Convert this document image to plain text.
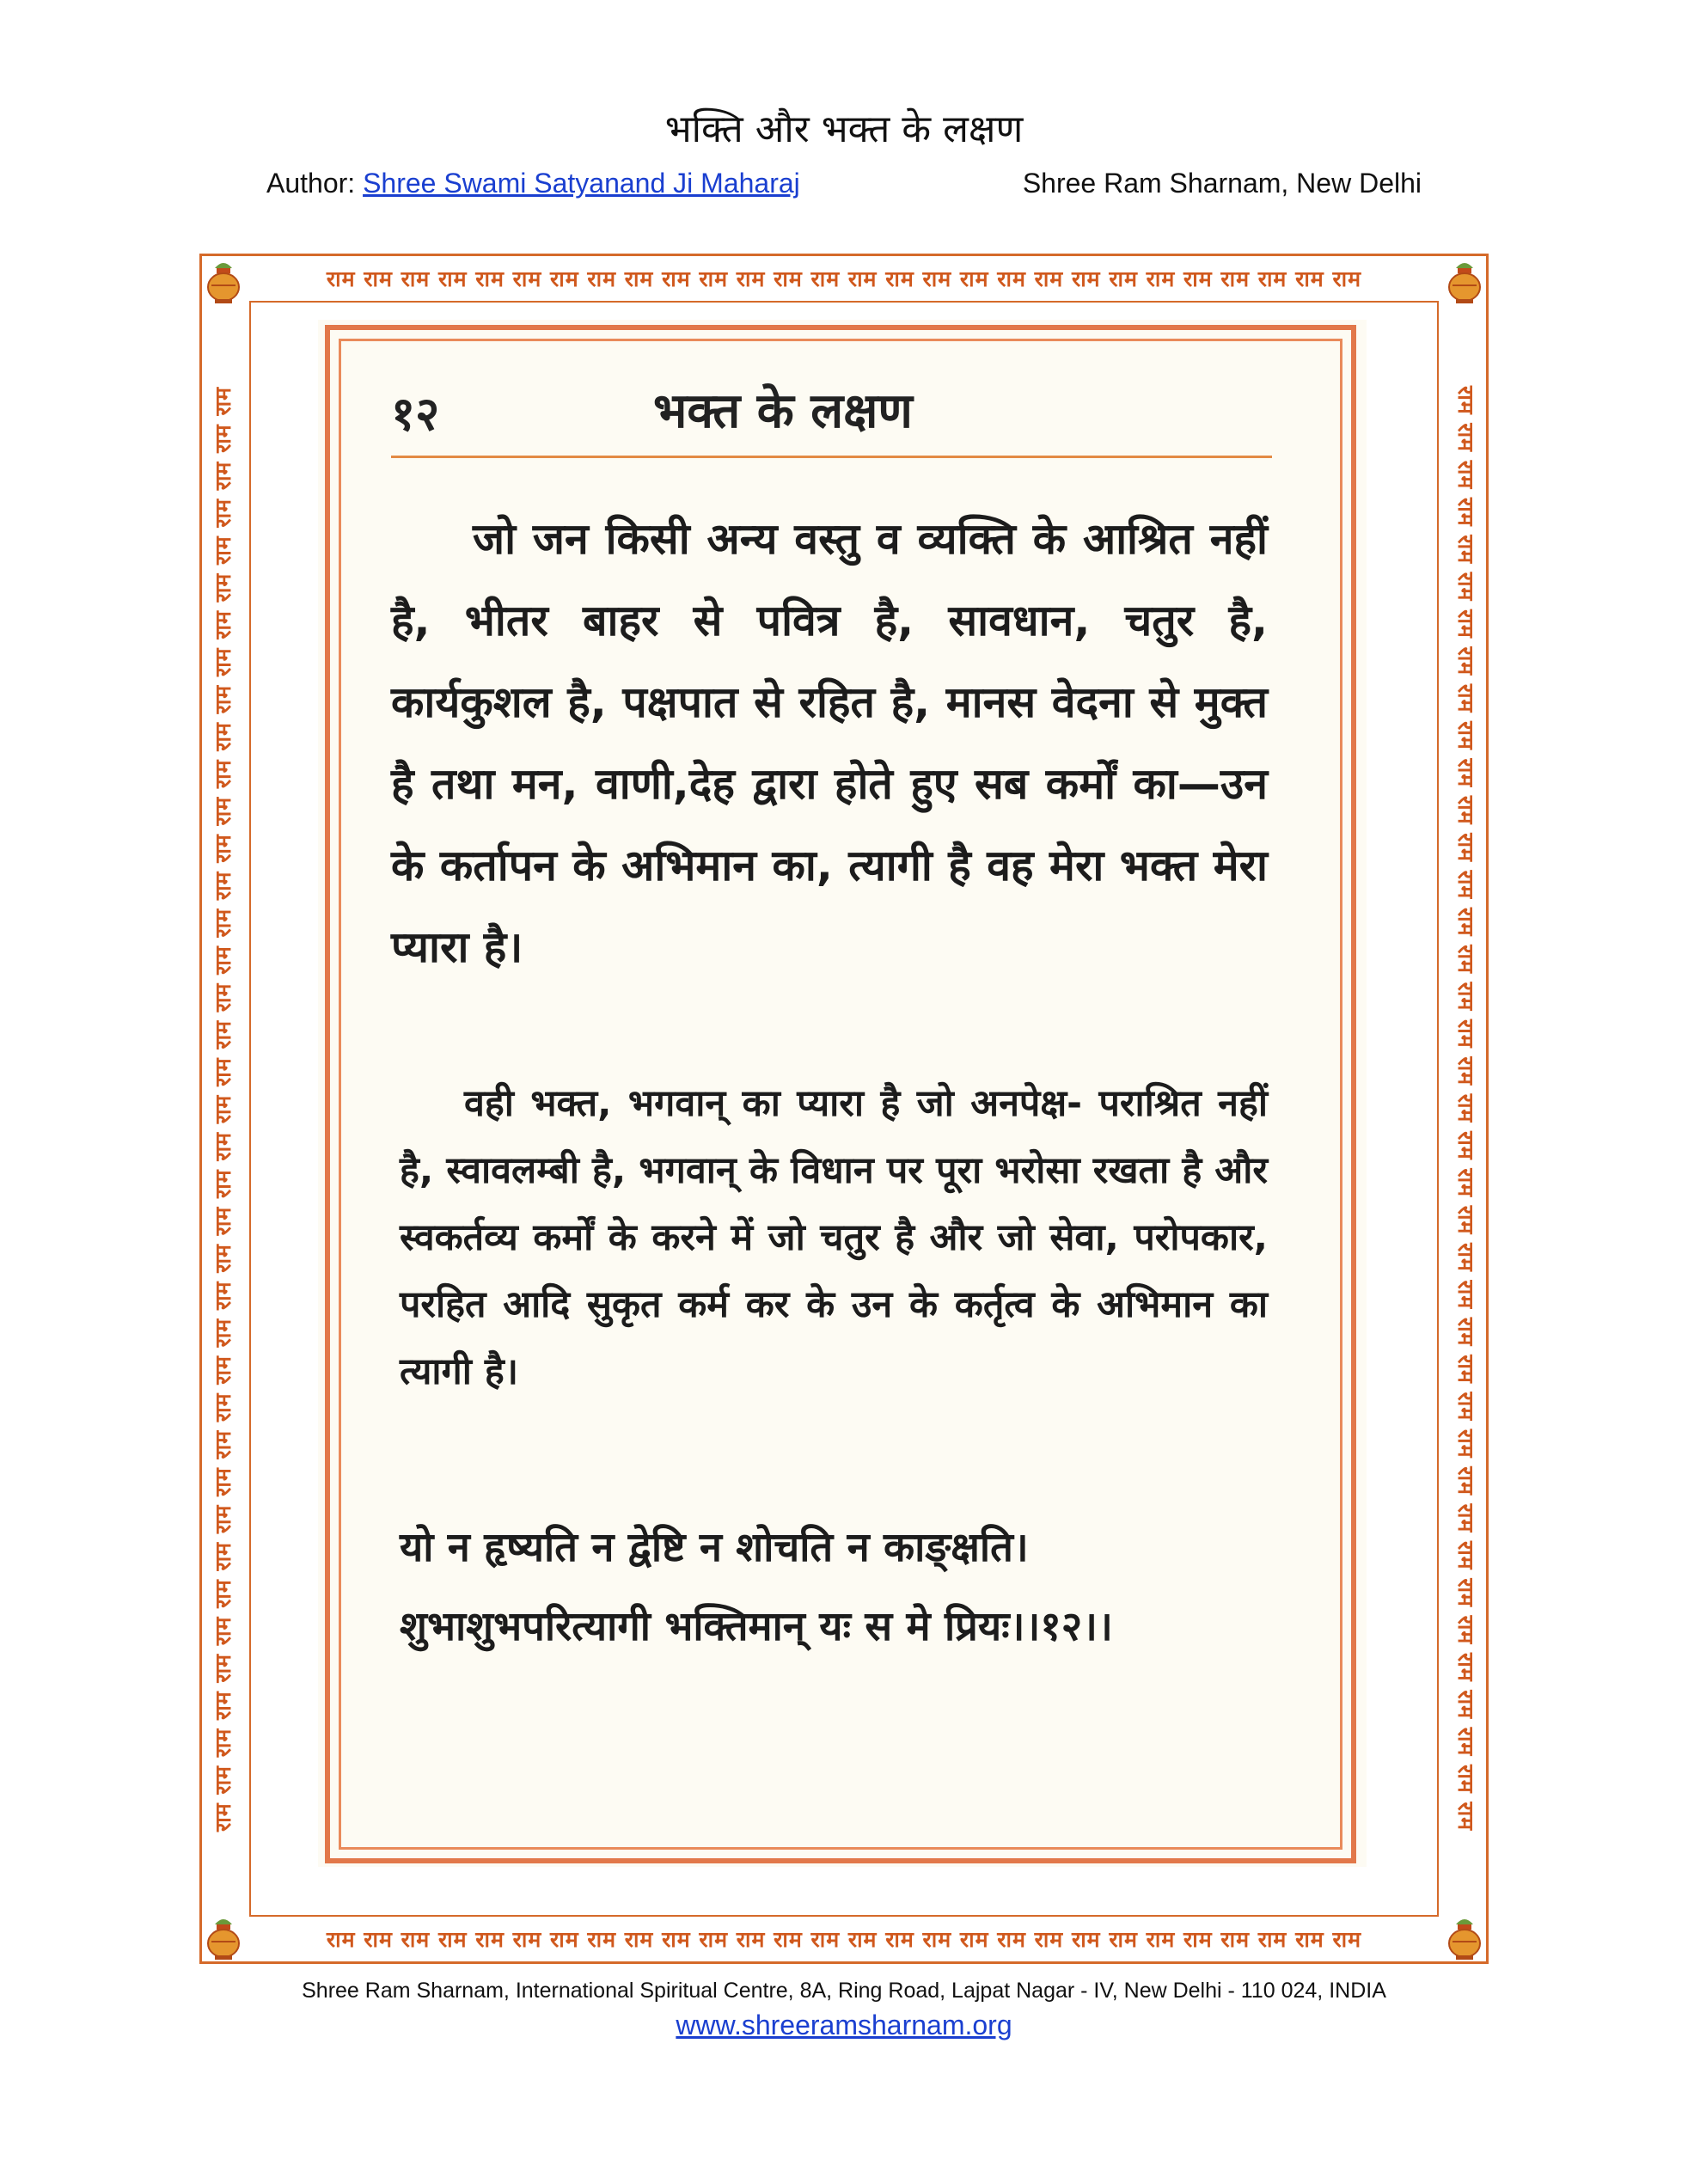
भक्ति और भक्त के लक्षण
Author: Shree Swami Satyanand Ji Maharaj	Shree Ram Sharnam, New Delhi
राम राम राम राम राम राम राम राम राम राम राम राम राम राम राम राम राम राम राम राम राम राम राम राम राम राम राम राम
राम राम राम राम राम राम राम राम राम राम राम राम राम राम राम राम राम राम राम राम राम राम राम राम राम राम राम राम
राम राम राम राम राम राम राम राम राम राम राम राम राम राम राम राम राम राम राम राम राम राम राम राम राम राम राम राम राम राम राम राम राम राम राम राम राम राम राम	राम राम राम राम राम राम राम राम राम राम राम राम राम राम राम राम राम राम राम राम राम राम राम राम राम राम राम राम राम राम राम राम राम राम राम राम राम राम राम
१२	भक्त के लक्षण

जो जन किसी अन्य वस्तु व व्यक्ति के आश्रित नहीं है, भीतर बाहर से पवित्र है, सावधान, चतुर है, कार्यकुशल है, पक्षपात से रहित है, मानस वेदना से मुक्त है तथा मन, वाणी,देह द्वारा होते हुए सब कर्मों का—उन के कर्तापन के अभिमान का, त्यागी है वह मेरा भक्त मेरा प्यारा है।

वही भक्त, भगवान् का प्यारा है जो अनपेक्ष- पराश्रित नहीं है, स्वावलम्बी है, भगवान् के विधान पर पूरा भरोसा रखता है और स्वकर्तव्य कर्मों के करने में जो चतुर है और जो सेवा, परोपकार, परहित आदि सुकृत कर्म कर के उन के कर्तृत्व के अभिमान का त्यागी है।

यो न हृष्यति न द्वेष्टि न शोचति न काङ्क्षति।

शुभाशुभपरित्यागी भक्तिमान् यः स मे प्रियः।।१२।।

Shree Ram Sharnam, International Spiritual Centre, 8A, Ring Road, Lajpat Nagar - IV, New Delhi - 110 024, INDIA
www.shreeramsharnam.org
